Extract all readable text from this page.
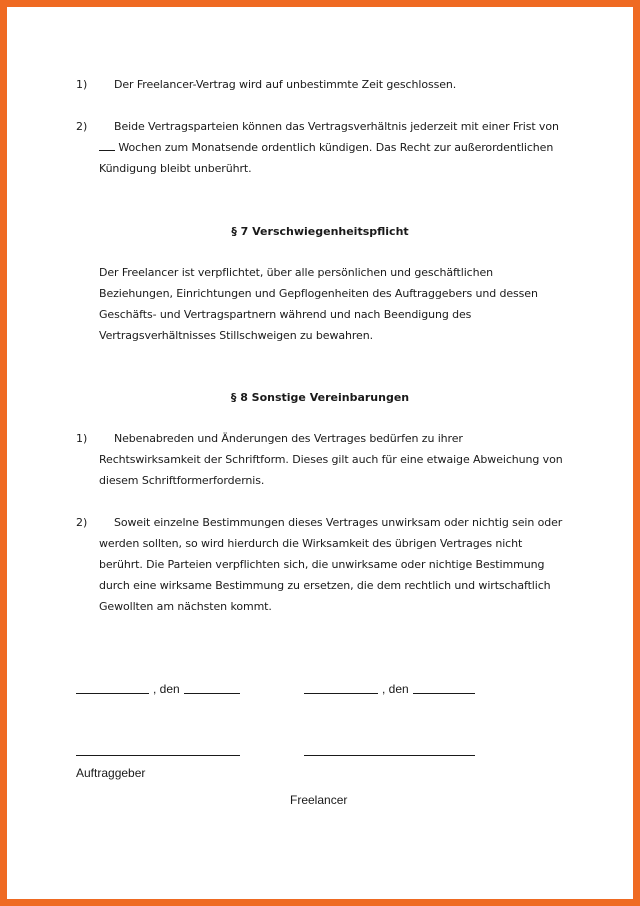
1) Der Freelancer-Vertrag wird auf unbestimmte Zeit geschlossen.
2) Beide Vertragsparteien können das Vertragsverhältnis jederzeit mit einer Frist von
Wochen zum Monatsende ordentlich kündigen. Das Recht zur außerordentlichen
Kündigung bleibt unberührt.
§ 7 Verschwiegenheitspflicht
Der Freelancer ist verpflichtet, über alle persönlichen und geschäftlichen
Beziehungen, Einrichtungen und Gepflogenheiten des Auftraggebers und dessen
Geschäfts- und Vertragspartnern während und nach Beendigung des
Vertragsverhältnisses Stillschweigen zu bewahren.
§ 8 Sonstige Vereinbarungen
1) Nebenabreden und Änderungen des Vertrages bedürfen zu ihrer
Rechtswirksamkeit der Schriftform. Dieses gilt auch für eine etwaige Abweichung von
diesem Schriftformerfordernis.
2) Soweit einzelne Bestimmungen dieses Vertrages unwirksam oder nichtig sein oder
werden sollten, so wird hierdurch die Wirksamkeit des übrigen Vertrages nicht
berührt. Die Parteien verpflichten sich, die unwirksame oder nichtige Bestimmung
durch eine wirksame Bestimmung zu ersetzen, die dem rechtlich und wirtschaftlich
Gewollten am nächsten kommt.
, den	, den
Auftraggeber
Freelancer
